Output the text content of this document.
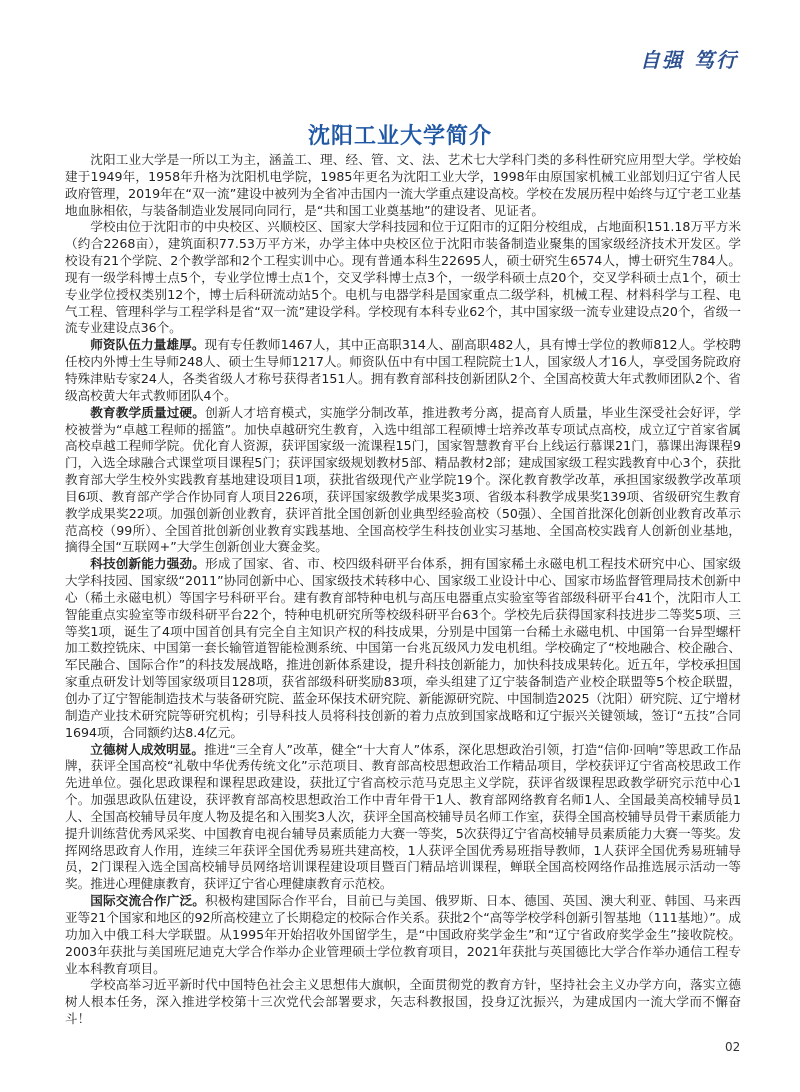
自强 笃行
沈阳工业大学简介

沈阳工业大学是一所以工为主，涵盖工、理、经、管、文、法、艺术七大学科门类的多科性研究应用型大学。学校始建于1949年，1958年升格为沈阳机电学院，1985年更名为沈阳工业大学，1998年由原国家机械工业部划归辽宁省人民政府管理，2019年在“双一流”建设中被列为全省冲击国内一流大学重点建设高校。学校在发展历程中始终与辽宁老工业基地血脉相依，与装备制造业发展同向同行，是“共和国工业奠基地”的建设者、见证者。

学校由位于沈阳市的中央校区、兴顺校区、国家大学科技园和位于辽阳市的辽阳分校组成，占地面积151.18万平方米（约合2268亩），建筑面积77.53万平方米，办学主体中央校区位于沈阳市装备制造业聚集的国家级经济技术开发区。学校设有21个学院、2个教学部和2个工程实训中心。现有普通本科生22695人，硕士研究生6574人，博士研究生784人。现有一级学科博士点5个，专业学位博士点1个，交叉学科博士点3个，一级学科硕士点20个，交叉学科硕士点1个，硕士专业学位授权类别12个，博士后科研流动站5个。电机与电器学科是国家重点二级学科，机械工程、材料科学与工程、电气工程、管理科学与工程学科是省“双一流”建设学科。学校现有本科专业62个，其中国家级一流专业建设点20个，省级一流专业建设点36个。

师资队伍力量雄厚。现有专任教师1467人，其中正高职314人、副高职482人，具有博士学位的教师812人。学校聘任校内外博士生导师248人、硕士生导师1217人。师资队伍中有中国工程院院士1人，国家级人才16人，享受国务院政府特殊津贴专家24人，各类省级人才称号获得者151人。拥有教育部科技创新团队2个、全国高校黄大年式教师团队2个、省级高校黄大年式教师团队4个。

教育教学质量过硬。创新人才培育模式，实施学分制改革，推进教考分离，提高育人质量，毕业生深受社会好评，学校被誉为“卓越工程师的摇篮”。加快卓越研究生教育，入选中组部工程硕博士培养改革专项试点高校，成立辽宁首家省属高校卓越工程师学院。优化育人资源，获评国家级一流课程15门，国家智慧教育平台上线运行慕课21门，慕课出海课程9门，入选全球融合式课堂项目课程5门；获评国家级规划教材5部、精品教材2部；建成国家级工程实践教育中心3个，获批教育部大学生校外实践教育基地建设项目1项，获批省级现代产业学院19个。深化教育教学改革，承担国家级教学改革项目6项、教育部产学合作协同育人项目226项，获评国家级教学成果奖3项、省级本科教学成果奖139项、省级研究生教育教学成果奖22项。加强创新创业教育，获评首批全国创新创业典型经验高校（50强）、全国首批深化创新创业教育改革示范高校（99所）、全国首批创新创业教育实践基地、全国高校学生科技创业实习基地、全国高校实践育人创新创业基地，摘得全国“互联网+”大学生创新创业大赛金奖。

科技创新能力强劲。形成了国家、省、市、校四级科研平台体系，拥有国家稀土永磁电机工程技术研究中心、国家级大学科技园、国家级“2011”协同创新中心、国家级技术转移中心、国家级工业设计中心、国家市场监督管理局技术创新中心（稀土永磁电机）等国字号科研平台。建有教育部特种电机与高压电器重点实验室等省部级科研平台41个，沈阳市人工智能重点实验室等市级科研平台22个，特种电机研究所等校级科研平台63个。学校先后获得国家科技进步二等奖5项、三等奖1项，诞生了4项中国首创具有完全自主知识产权的科技成果，分别是中国第一台稀土永磁电机、中国第一台异型螺杆加工数控铣床、中国第一套长输管道智能检测系统、中国第一台兆瓦级风力发电机组。学校确定了“校地融合、校企融合、军民融合、国际合作”的科技发展战略，推进创新体系建设，提升科技创新能力，加快科技成果转化。近五年，学校承担国家重点研发计划等国家级项目128项，获省部级科研奖励83项，牵头组建了辽宁装备制造产业校企联盟等5个校企联盟，创办了辽宁智能制造技术与装备研究院、蓝金环保技术研究院、新能源研究院、中国制造2025（沈阳）研究院、辽宁增材制造产业技术研究院等研究机构；引导科技人员将科技创新的着力点放到国家战略和辽宁振兴关键领域，签订“五技”合同1694项，合同额约达8.4亿元。

立德树人成效明显。推进“三全育人”改革，健全“十大育人”体系，深化思想政治引领，打造“信仰·回响”等思政工作品牌，获评全国高校“礼敬中华优秀传统文化”示范项目、教育部高校思想政治工作精品项目，学校获评辽宁省高校思政工作先进单位。强化思政课程和课程思政建设，获批辽宁省高校示范马克思主义学院，获评省级课程思政教学研究示范中心1个。加强思政队伍建设，获评教育部高校思想政治工作中青年骨干1人、教育部网络教育名师1人、全国最美高校辅导员1人、全国高校辅导员年度人物及提名和入围奖3人次，获评全国高校辅导员名师工作室，获得全国高校辅导员骨干素质能力提升训练营优秀风采奖、中国教育电视台辅导员素质能力大赛一等奖，5次获得辽宁省高校辅导员素质能力大赛一等奖。发挥网络思政育人作用，连续三年获评全国优秀易班共建高校，1人获评全国优秀易班指导教师，1人获评全国优秀易班辅导员，2门课程入选全国高校辅导员网络培训课程建设项目暨百门精品培训课程，蝉联全国高校网络作品推选展示活动一等奖。推进心理健康教育，获评辽宁省心理健康教育示范校。

国际交流合作广泛。积极构建国际合作平台，目前已与美国、俄罗斯、日本、德国、英国、澳大利亚、韩国、马来西亚等21个国家和地区的92所高校建立了长期稳定的校际合作关系。获批2个“高等学校学科创新引智基地（111基地）”。成功加入中俄工科大学联盟。从1995年开始招收外国留学生，是“中国政府奖学金生”和“辽宁省政府奖学金生”接收院校。2003年获批与美国班尼迪克大学合作举办企业管理硕士学位教育项目，2021年获批与英国德比大学合作举办通信工程专业本科教育项目。

学校高举习近平新时代中国特色社会主义思想伟大旗帜，全面贯彻党的教育方针，坚持社会主义办学方向，落实立德树人根本任务，深入推进学校第十三次党代会部署要求，矢志科教报国，投身辽沈振兴，为建成国内一流大学而不懈奋斗！

02
